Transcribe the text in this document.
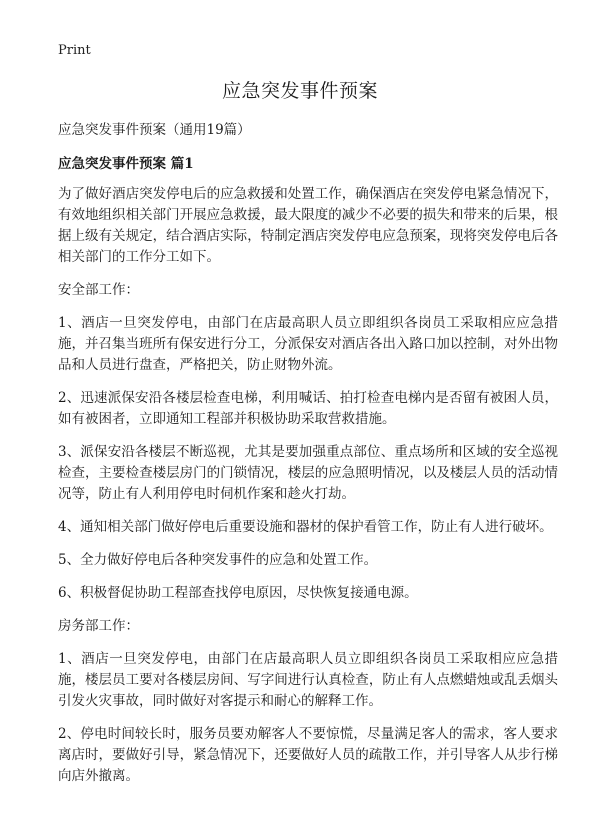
Print
应急突发事件预案

应急突发事件预案（通用19篇）

应急突发事件预案 篇1

为了做好酒店突发停电后的应急救援和处置工作，确保酒店在突发停电紧急情况下，有效地组织相关部门开展应急救援，最大限度的减少不必要的损失和带来的后果，根据上级有关规定，结合酒店实际，特制定酒店突发停电应急预案，现将突发停电后各相关部门的工作分工如下。

安全部工作：

1、酒店一旦突发停电，由部门在店最高职人员立即组织各岗员工采取相应应急措施，并召集当班所有保安进行分工，分派保安对酒店各出入路口加以控制，对外出物品和人员进行盘查，严格把关，防止财物外流。

2、迅速派保安沿各楼层检查电梯，利用喊话、拍打检查电梯内是否留有被困人员，如有被困者，立即通知工程部并积极协助采取营救措施。

3、派保安沿各楼层不断巡视，尤其是要加强重点部位、重点场所和区域的安全巡视检查，主要检查楼层房门的门锁情况，楼层的应急照明情况，以及楼层人员的活动情况等，防止有人利用停电时伺机作案和趁火打劫。

4、通知相关部门做好停电后重要设施和器材的保护看管工作，防止有人进行破坏。

5、全力做好停电后各种突发事件的应急和处置工作。

6、积极督促协助工程部查找停电原因，尽快恢复接通电源。

房务部工作：

1、酒店一旦突发停电，由部门在店最高职人员立即组织各岗员工采取相应应急措施，楼层员工要对各楼层房间、写字间进行认真检查，防止有人点燃蜡烛或乱丢烟头引发火灾事故，同时做好对客提示和耐心的解释工作。

2、停电时间较长时，服务员要劝解客人不要惊慌，尽量满足客人的需求，客人要求离店时，要做好引导，紧急情况下，还要做好人员的疏散工作，并引导客人从步行梯向店外撤离。
